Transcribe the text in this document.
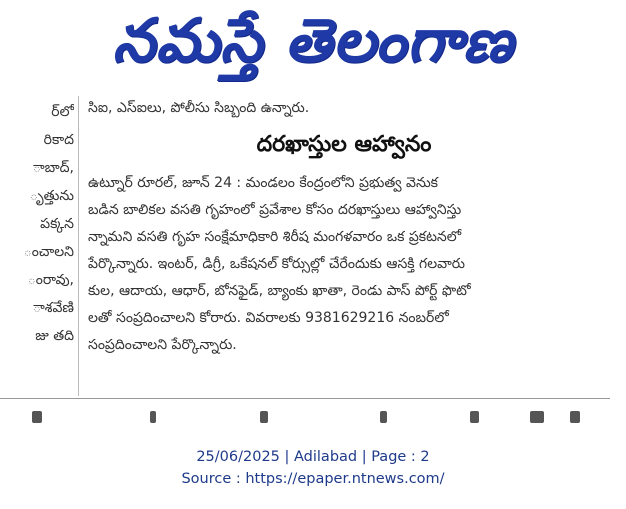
నమస్తే తెలంగాణ
ర్‌లో
రికాద
ాబాద్‌,
ృత్తును
పక్కన
ంచాలని
ంరావు,
ాశవేణి
జు తది
సిఐ, ఎస్‌ఐలు, పోలీసు సిబ్బంది ఉన్నారు.
దరఖాస్తుల ఆహ్వానం
ఉట్నూర్‌ రూరల్‌, జూన్‌ 24 : మండలం కేంద్రంలోని ప్రభుత్వ వెనుక
బడిన బాలికల వసతి గృహంలో ప్రవేశాల కోసం దరఖాస్తులు ఆహ్వానిస్తు
న్నామని వసతి గృహ సంక్షేమాధికారి శిరీష మంగళవారం ఒక ప్రకటనలో
పేర్కొన్నారు. ఇంటర్‌, డిగ్రీ, ఒకేషనల్‌ కోర్సుల్లో చేరేందుకు ఆసక్తి గలవారు
కుల, ఆదాయ, ఆధార్‌, బోనఫైడ్‌, బ్యాంకు ఖాతా, రెండు పాస్‌ పోర్ట్‌ ఫొటో
లతో సంప్రదించాలని కోరారు. వివరాలకు 9381629216 నంబర్‌లో
సంప్రదించాలని పేర్కొన్నారు.
25/06/2025 | Adilabad | Page : 2
Source : https://epaper.ntnews.com/
